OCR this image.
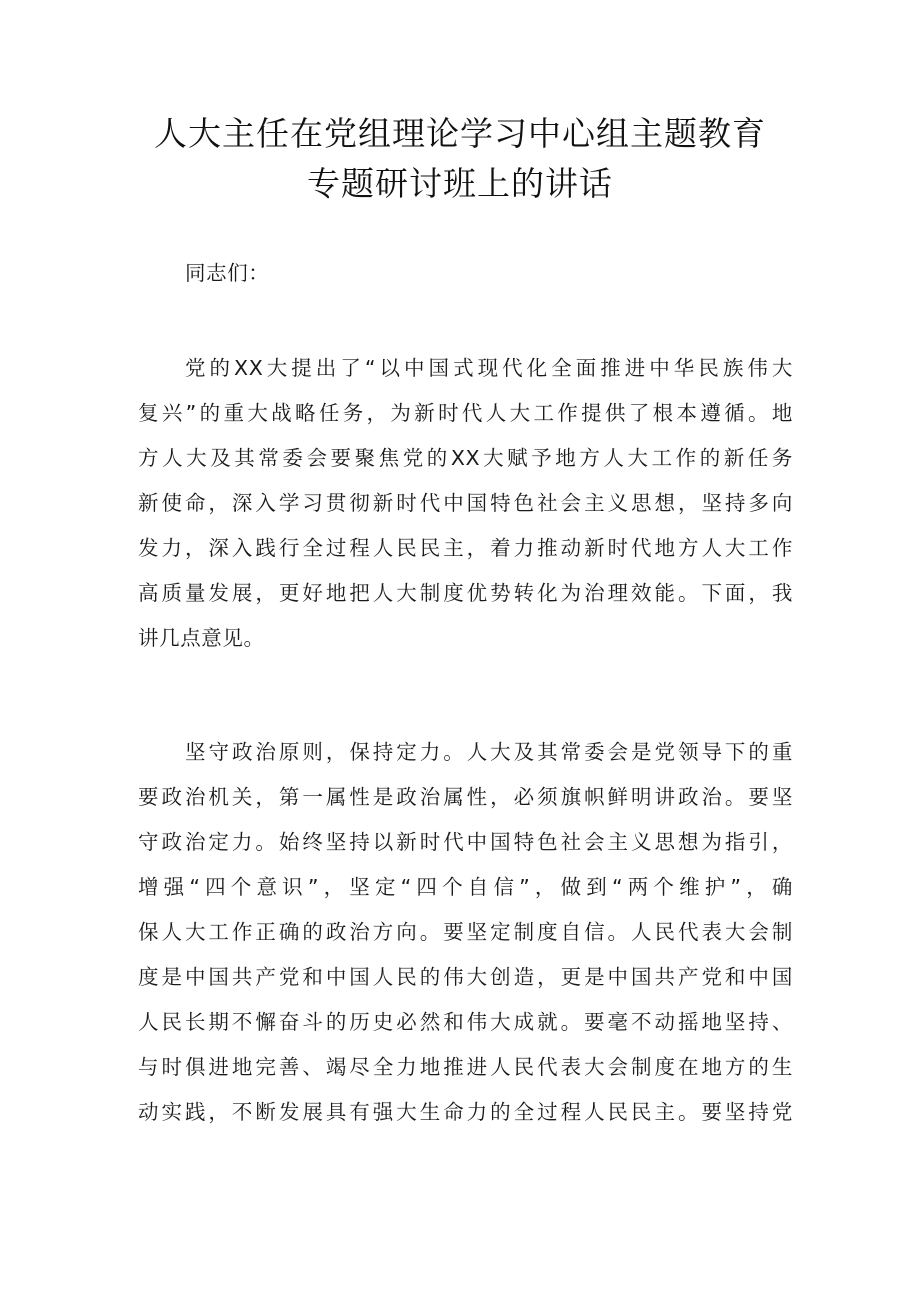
人大主任在党组理论学习中心组主题教育
专题研讨班上的讲话
同志们：
党的XX大提出了“以中国式现代化全面推进中华民族伟大
复兴”的重大战略任务，为新时代人大工作提供了根本遵循。地
方人大及其常委会要聚焦党的XX大赋予地方人大工作的新任务
新使命，深入学习贯彻新时代中国特色社会主义思想，坚持多向
发力，深入践行全过程人民民主，着力推动新时代地方人大工作
高质量发展，更好地把人大制度优势转化为治理效能。下面，我
讲几点意见。
坚守政治原则，保持定力。人大及其常委会是党领导下的重
要政治机关，第一属性是政治属性，必须旗帜鲜明讲政治。要坚
守政治定力。始终坚持以新时代中国特色社会主义思想为指引，
增强“四个意识”，坚定“四个自信”，做到“两个维护”，确
保人大工作正确的政治方向。要坚定制度自信。人民代表大会制
度是中国共产党和中国人民的伟大创造，更是中国共产党和中国
人民长期不懈奋斗的历史必然和伟大成就。要毫不动摇地坚持、
与时俱进地完善、竭尽全力地推进人民代表大会制度在地方的生
动实践，不断发展具有强大生命力的全过程人民民主。要坚持党
